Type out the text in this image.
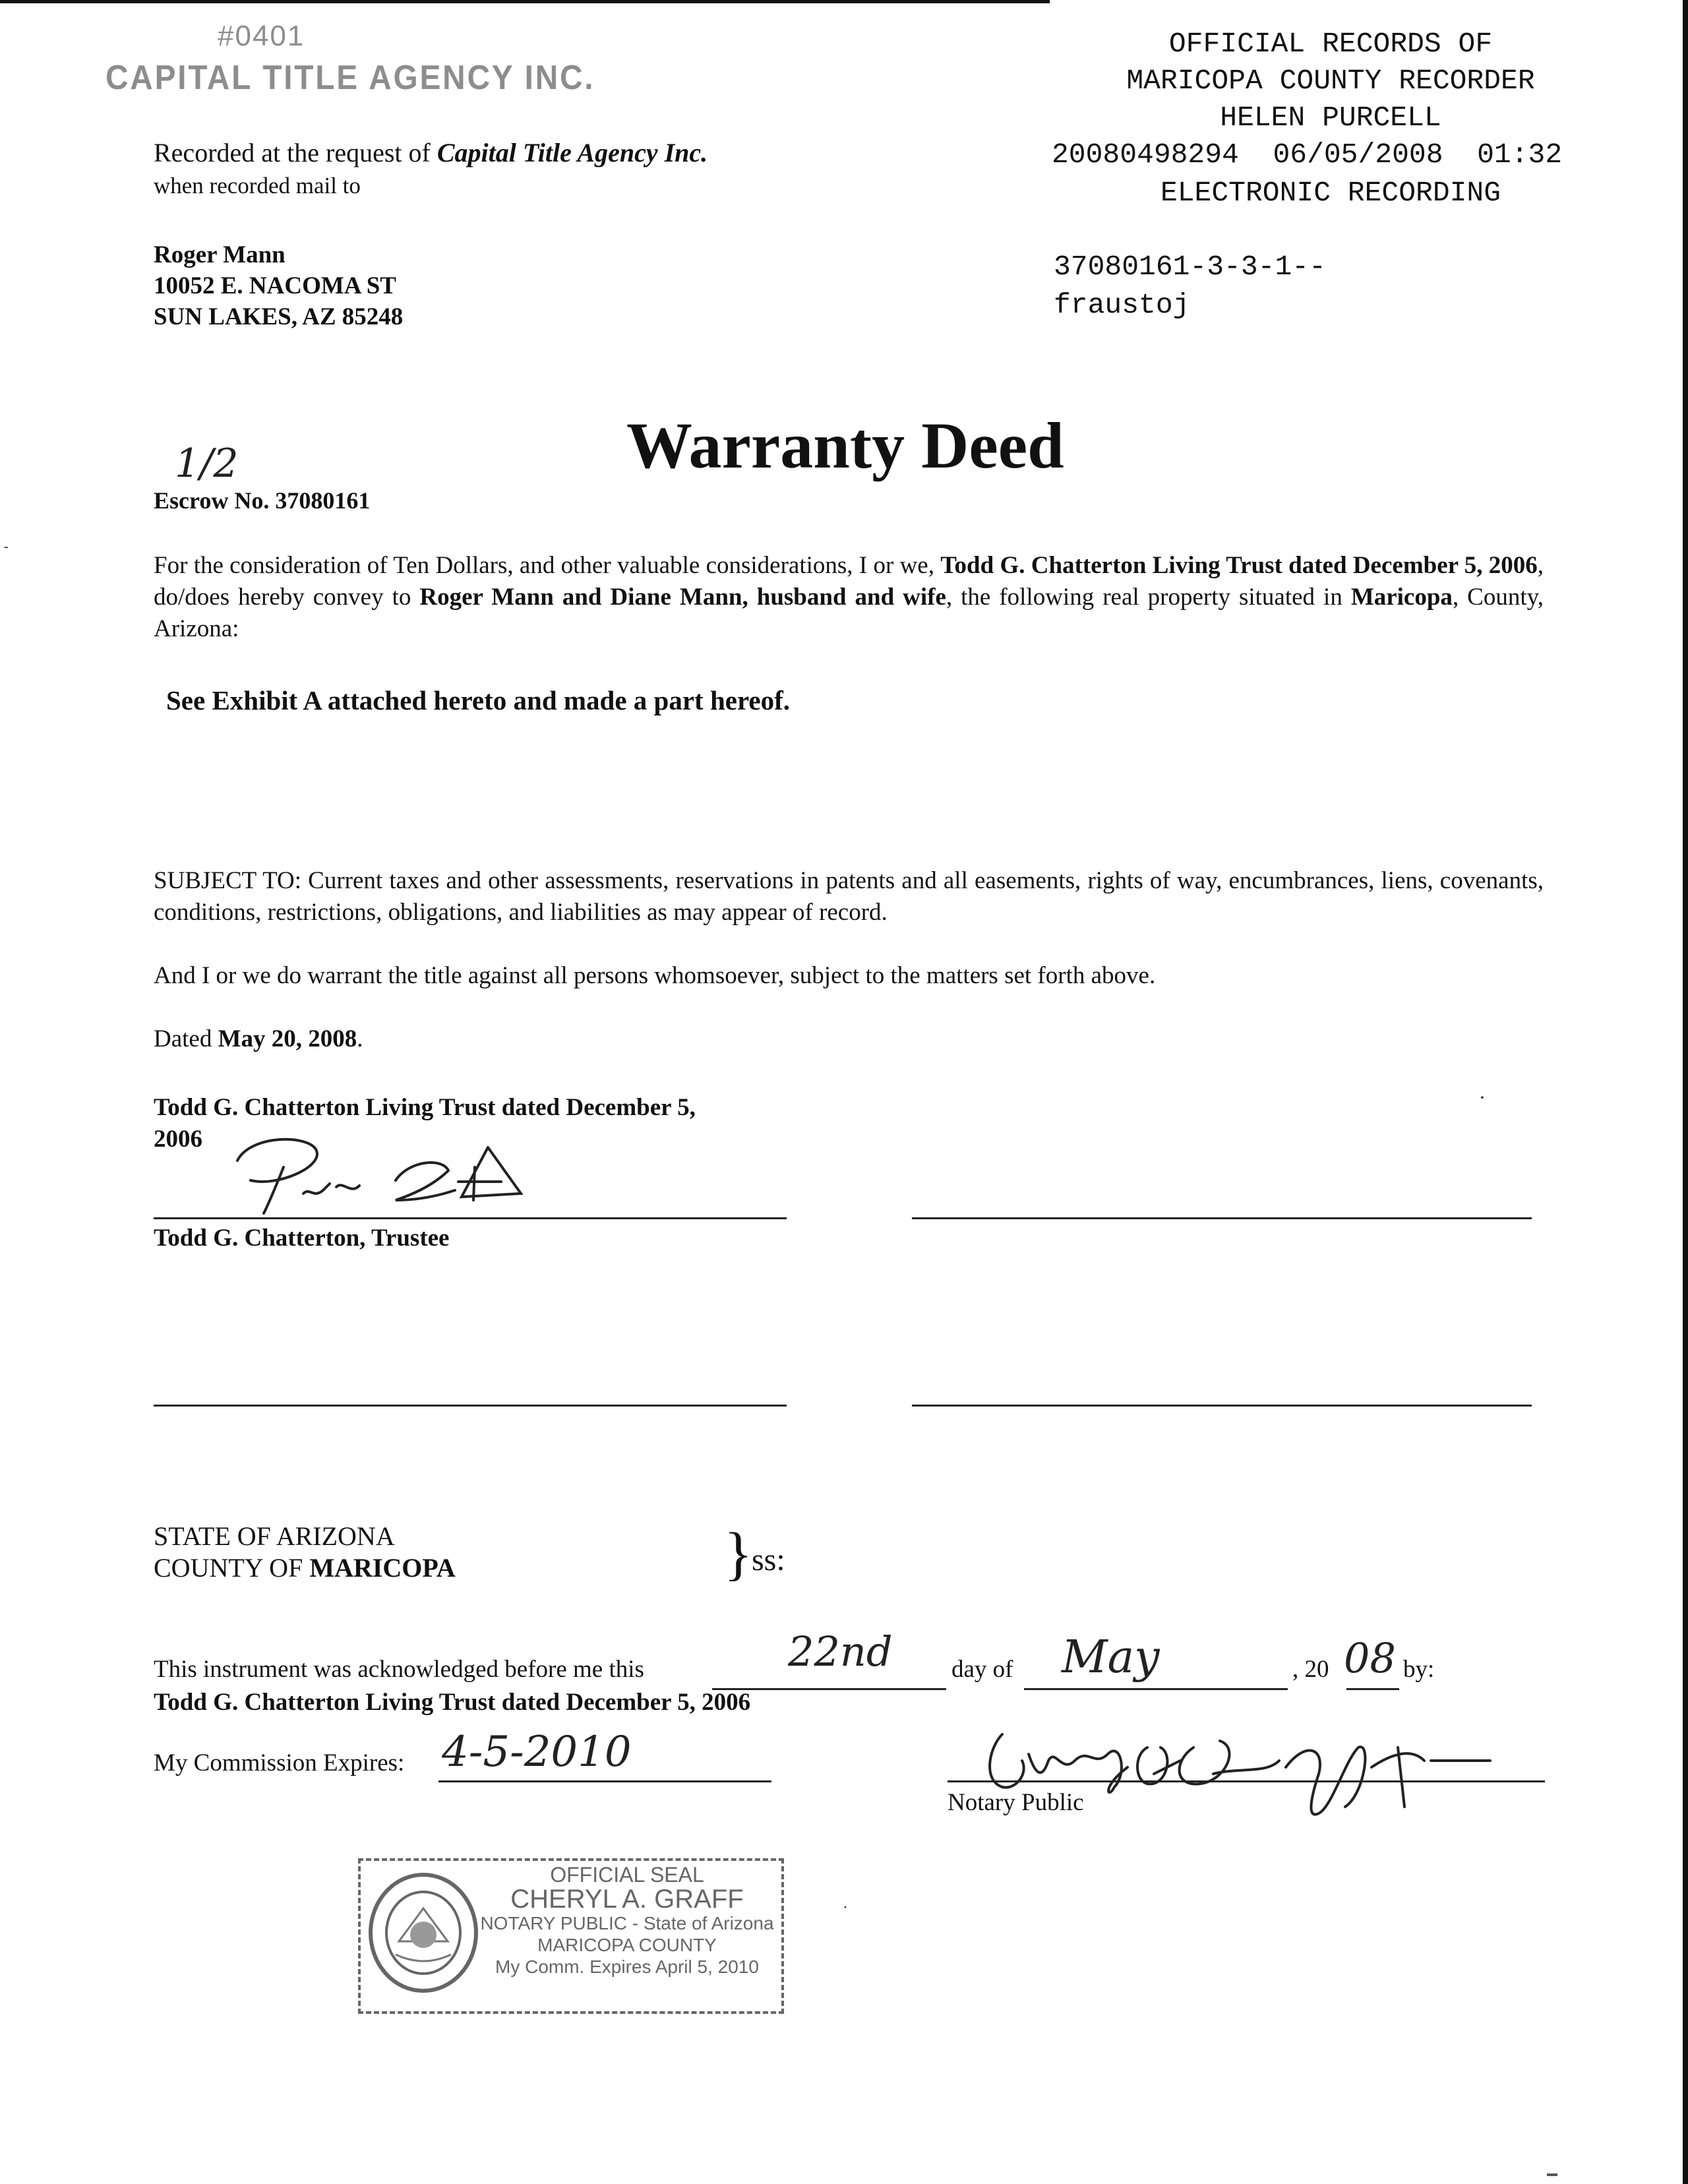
#0401
CAPITAL TITLE AGENCY INC.
Recorded at the request of Capital Title Agency Inc.
when recorded mail to
Roger Mann
10052 E. NACOMA ST
SUN LAKES, AZ 85248
OFFICIAL RECORDS OF
MARICOPA COUNTY RECORDER
HELEN PURCELL
20080498294  06/05/2008  01:32
ELECTRONIC RECORDING
37080161-3-3-1--
fraustoj
1/2	Warranty Deed
Escrow No. 37080161
-
For the consideration of Ten Dollars, and other valuable considerations, I or we, Todd G. Chatterton Living Trust dated December 5, 2006, do/does hereby convey to Roger Mann and Diane Mann, husband and wife, the following real property situated in Maricopa, County, Arizona:
See Exhibit A attached hereto and made a part hereof.
SUBJECT TO: Current taxes and other assessments, reservations in patents and all easements, rights of way, encumbrances, liens, covenants, conditions, restrictions, obligations, and liabilities as may appear of record.
And I or we do warrant the title against all persons whomsoever, subject to the matters set forth above.
Dated May 20, 2008.
Todd G. Chatterton Living Trust dated December 5,
2006
Todd G. Chatterton, Trustee
·
STATE OF ARIZONA
COUNTY OF MARICOPA	}
ss:
This instrument was acknowledged before me this	22nd day of May	, 20 08 by:
Todd G. Chatterton Living Trust dated December 5, 2006
My Commission Expires: 4-5-2010
Notary Public
OFFICIAL SEAL
CHERYL A. GRAFF
NOTARY PUBLIC - State of Arizona
MARICOPA COUNTY
My Comm. Expires April 5, 2010
·
